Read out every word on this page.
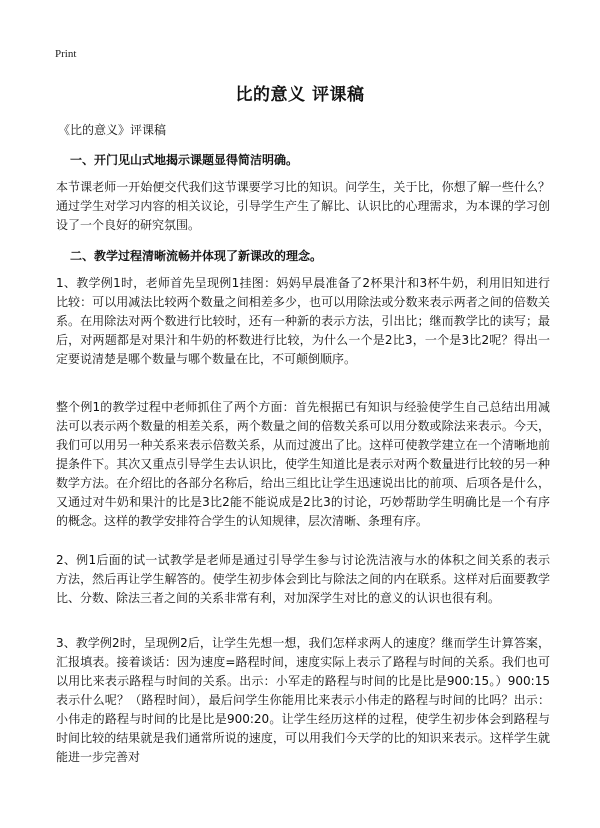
Print
比的意义 评课稿
《比的意义》评课稿
一、开门见山式地揭示课题显得简洁明确。
本节课老师一开始便交代我们这节课要学习比的知识。问学生，关于比，你想了解一些什么？通过学生对学习内容的相关议论，引导学生产生了解比、认识比的心理需求，为本课的学习创设了一个良好的研究氛围。
二、教学过程清晰流畅并体现了新课改的理念。
1、教学例1时，老师首先呈现例1挂图：妈妈早晨准备了2杯果汁和3杯牛奶，利用旧知进行比较：可以用减法比较两个数量之间相差多少，也可以用除法或分数来表示两者之间的倍数关系。在用除法对两个数进行比较时，还有一种新的表示方法，引出比；继而教学比的读写；最后，对两题都是对果汁和牛奶的杯数进行比较，为什么一个是2比3，一个是3比2呢？得出一定要说清楚是哪个数量与哪个数量在比，不可颠倒顺序。
整个例1的教学过程中老师抓住了两个方面：首先根据已有知识与经验使学生自己总结出用减法可以表示两个数量的相差关系，两个数量之间的倍数关系可以用分数或除法来表示。今天，我们可以用另一种关系来表示倍数关系，从而过渡出了比。这样可使教学建立在一个清晰地前提条件下。其次又重点引导学生去认识比，使学生知道比是表示对两个数量进行比较的另一种数学方法。在介绍比的各部分名称后，给出三组比让学生迅速说出比的前项、后项各是什么，又通过对牛奶和果汁的比是3比2能不能说成是2比3的讨论，巧妙帮助学生明确比是一个有序的概念。这样的教学安排符合学生的认知规律，层次清晰、条理有序。
2、例1后面的试一试教学是老师是通过引导学生参与讨论洗洁液与水的体积之间关系的表示方法，然后再让学生解答的。使学生初步体会到比与除法之间的内在联系。这样对后面要教学比、分数、除法三者之间的关系非常有利，对加深学生对比的意义的认识也很有利。
3、教学例2时，呈现例2后，让学生先想一想，我们怎样求两人的速度？继而学生计算答案，汇报填表。接着谈话：因为速度=路程时间，速度实际上表示了路程与时间的关系。我们也可以用比来表示路程与时间的关系。出示：小军走的路程与时间的比是比是900:15。）900:15表示什么呢？（路程时间），最后问学生你能用比来表示小伟走的路程与时间的比吗？出示：小伟走的路程与时间的比是比是900:20。让学生经历这样的过程，使学生初步体会到路程与时间比较的结果就是我们通常所说的速度，可以用我们今天学的比的知识来表示。这样学生就能进一步完善对
